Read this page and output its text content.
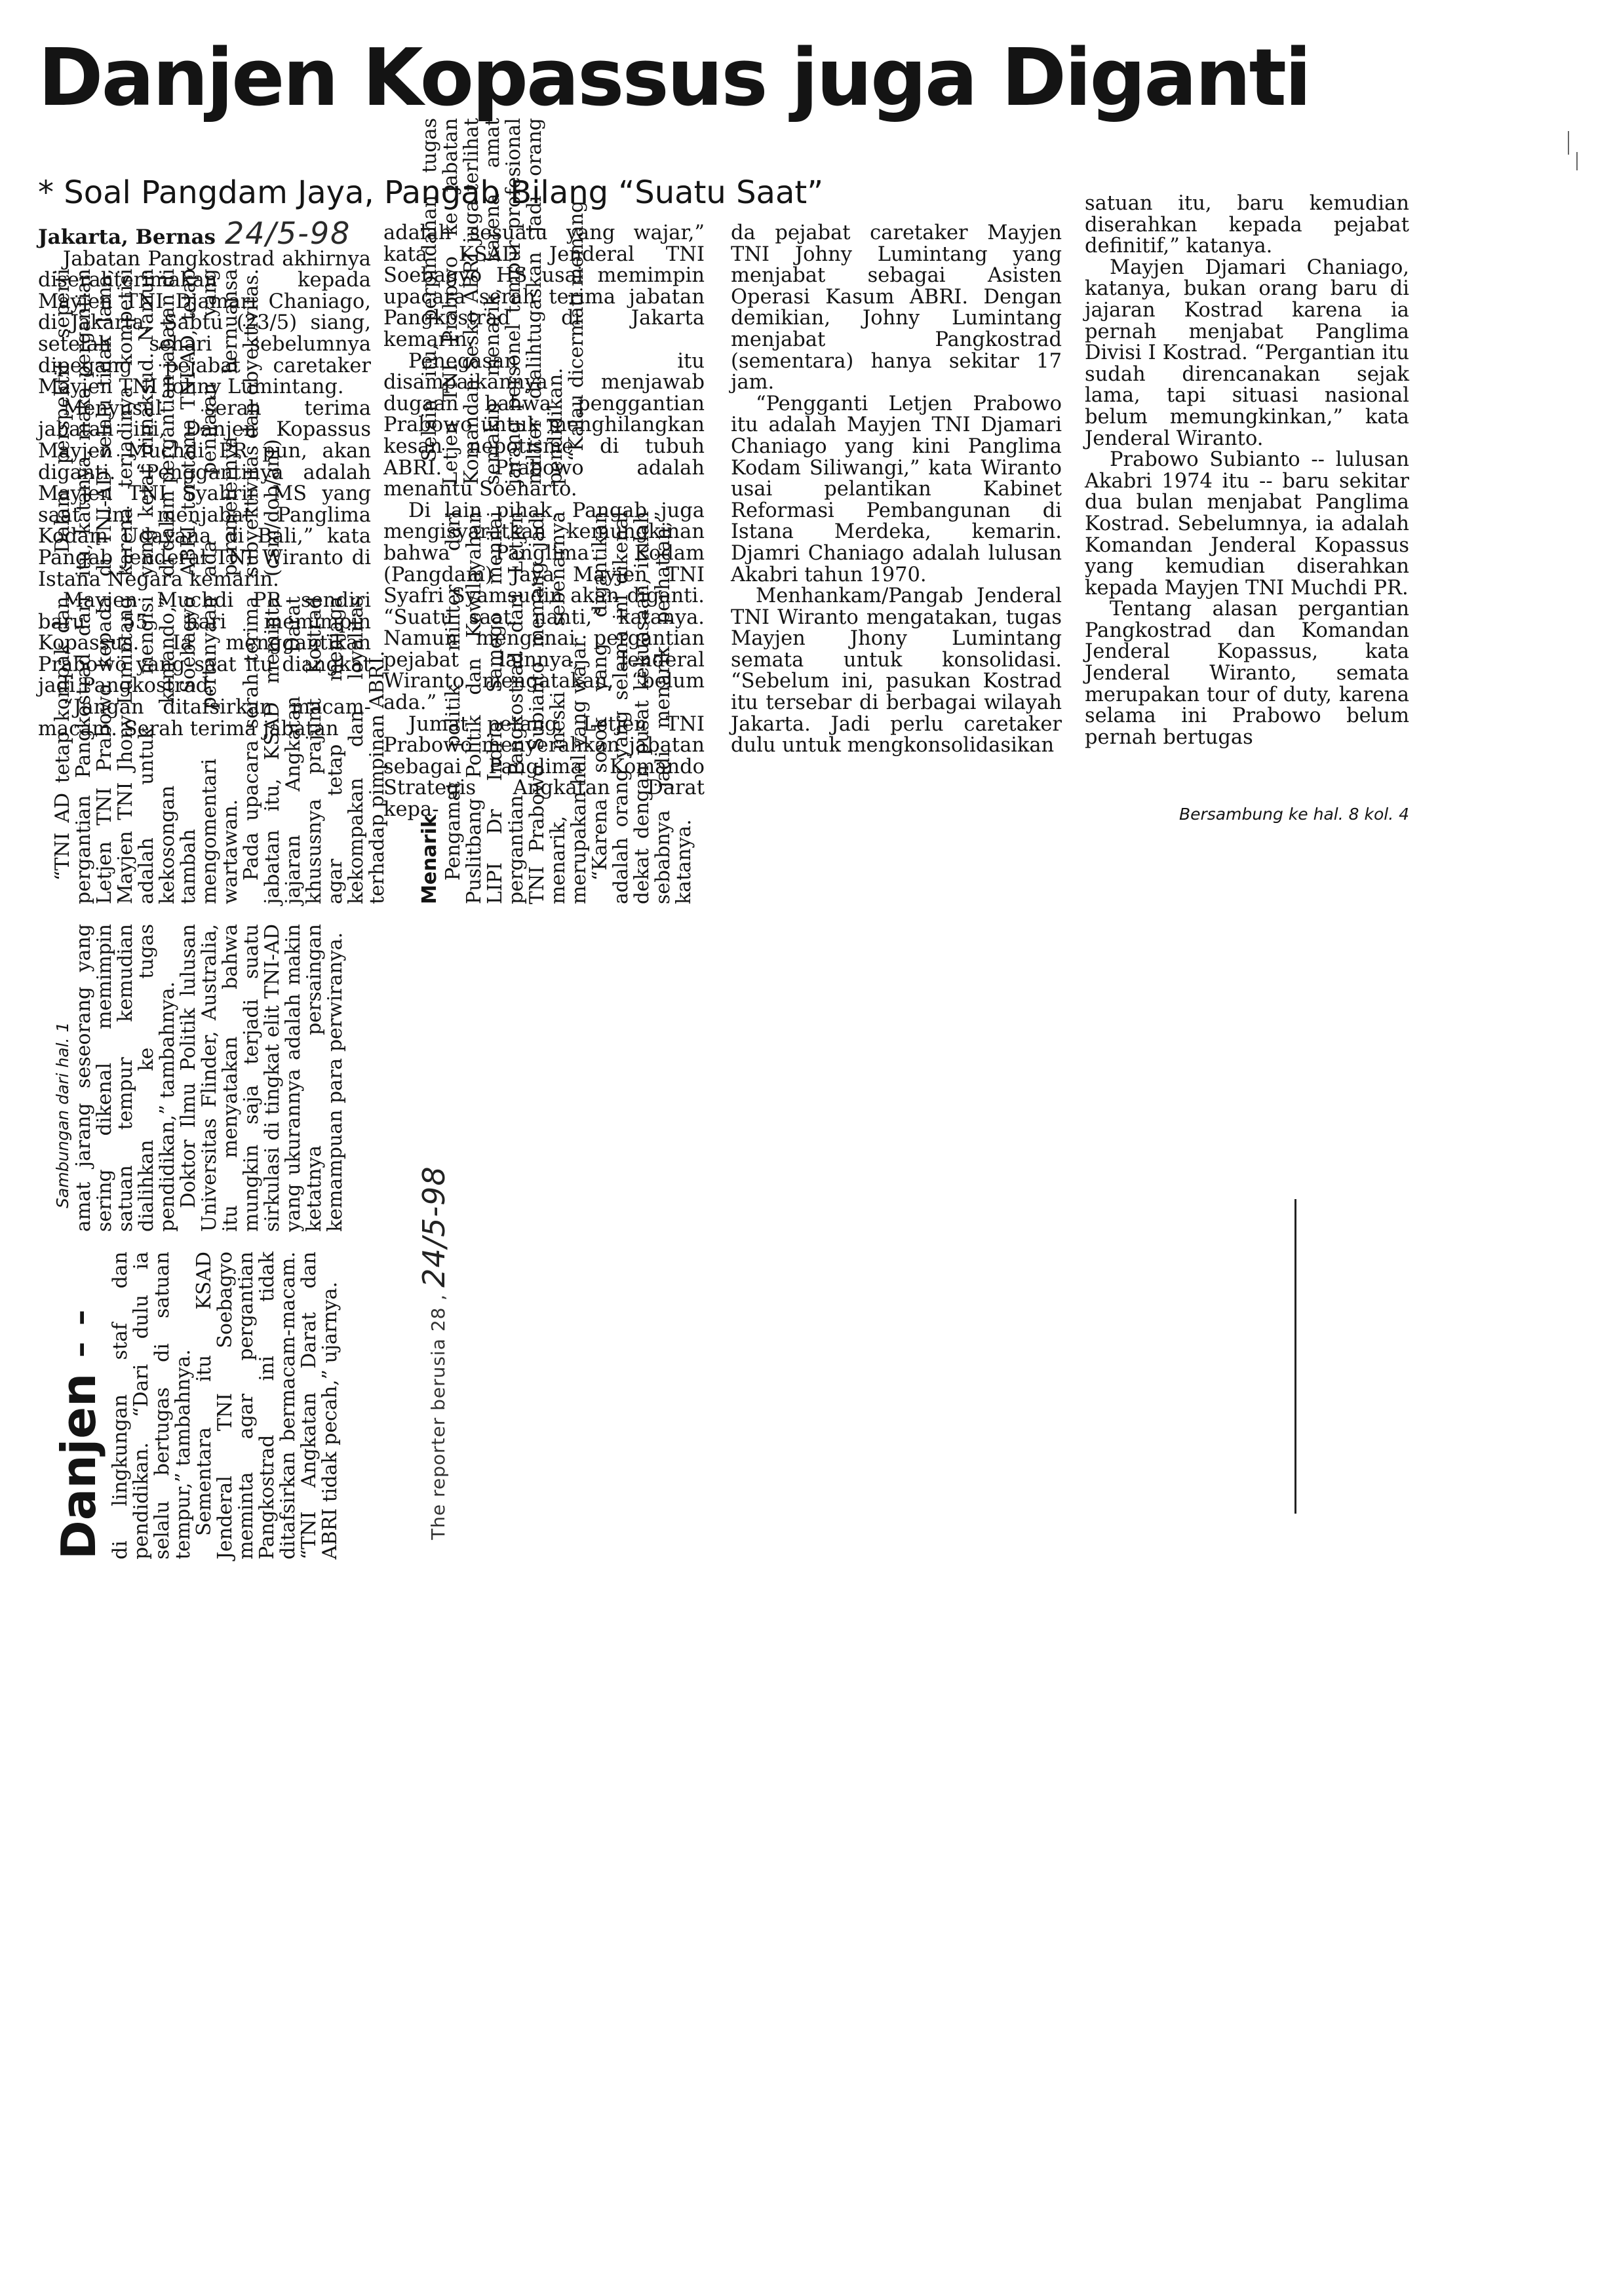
Danjen Kopassus juga Diganti
* Soal Pangdam Jaya, Pangab Bilang “Suatu Saat”

Jakarta, Bernas 24/5-98

Jabatan Pangkostrad akhirnya diserahterimakan kepada Mayjen TNI Djamari Chaniago, di Jakarta, Sabtu (23/5) siang, setelah sehari sebelumnya dipegang pejabat caretaker Mayjen TNI Johny Lumintang.

Menyusul serah terima jabatan ini, Danjen Kopassus Mayjen Muchdi PR pun, akan diganti. “Penggantinya adalah Mayjen TNI Syahrir MS yang saat ini menjabat Panglima Kodam Udayana di Bali,” kata Pangab Jenderal TNI Wiranto di Istana Negara kemarin.

Mayjen Muchdi PR sendiri baru 55 hari memimpin Kopassus. Ia menggantikan Prabowo yang saat itu diangkat jadi Pangkostrad.

“Jangan ditafsirkan macam-macam. Serah terima jabatan

adalah sesuatu yang wajar,” kata KSAD Jenderal TNI Soebagyo HS usai memimpin upacara serah terima jabatan Pangkostrad di Jakarta kemarin.

Penegasan itu disampaikannya menjawab dugaan bahwa penggantian Prabowo untuk menghilangkan kesan nepotisme di tubuh ABRI. Prabowo adalah menantu Soeharto.

Di lain pihak, Pangab juga mengisyaratkan kemungkinan bahwa Panglima Kodam (Pangdam) Jaya Mayjen TNI Syafri Syamsudin akan diganti. “Suatu saat, nanti,” katanya. Namun mengenai pergantian pejabat lainnya, Jenderal Wiranto mengatakan, “belum ada.”

Jumat petang, Letjen TNI Prabowo menyerahkan jabatan sebagai Panglima Komando Strategis Angkatan Darat kepa-

da pejabat caretaker Mayjen TNI Johny Lumintang yang menjabat sebagai Asisten Operasi Kasum ABRI. Dengan demikian, Johny Lumintang menjabat Pangkostrad (sementara) hanya sekitar 17 jam.

“Pengganti Letjen Prabowo itu adalah Mayjen TNI Djamari Chaniago yang kini Panglima Kodam Siliwangi,” kata Wiranto usai pelantikan Kabinet Reformasi Pembangunan di Istana Merdeka, kemarin. Djamri Chaniago adalah lulusan Akabri tahun 1970.

Menhankam/Pangab Jenderal TNI Wiranto mengatakan, tugas Mayjen Jhony Lumintang semata untuk konsolidasi. “Sebelum ini, pasukan Kostrad itu tersebar di berbagai wilayah Jakarta. Jadi perlu caretaker dulu untuk mengkonsolidasikan

satuan itu, baru kemudian diserahkan kepada pejabat definitif,” katanya.

Mayjen Djamari Chaniago, katanya, bukan orang baru di jajaran Kostrad karena ia pernah menjabat Panglima Divisi I Kostrad. “Pergantian itu sudah direncanakan sejak lama, tapi situasi nasional belum memungkinkan,” kata Jenderal Wiranto.

Prabowo Subianto -- lulusan Akabri 1974 itu -- baru sekitar dua bulan menjabat Panglima Kostrad. Sebelumnya, ia adalah Komandan Jenderal Kopassus yang kemudian diserahkan kepada Mayjen TNI Muchdi PR.

Tentang alasan pergantian Pangkostrad dan Komandan Jenderal Kopassus, kata Jenderal Wiranto, semata merupakan tour of duty, karena selama ini Prabowo belum pernah bertugas

Bersambung ke hal. 8 kol. 4
Danjen - - di lingkungan staf dan pendidikan. “Dari dulu ia selalu bertugas di satuan tempur,” tambahnya.

Sementara itu KSAD Jenderal TNI Soebagyo meminta agar pergantian Pangkostrad ini tidak ditafsirkan bermacam-macam. “TNI Angkatan Darat dan ABRI tidak pecah,” ujarnya.	The reporter berusia 28 , 24/5-98

Sambungan dari hal. 1 amat jarang seseorang yang sering dikenal memimpin satuan tempur kemudian dialihkan ke tugas pendidikan,” tambahnya.

Doktor Ilmu Politik lulusan Universitas Flinder, Australia, itu menyatakan bahwa mungkin saja terjadi suatu sirkulasi di tingkat elit TNI-AD yang ukurannya adalah makin ketatnya persaingan kemampuan para perwiranya.

“TNI AD tetap kompak dan pergantian Pangkostrad dari Letjen TNI Prabowo kepada Mayjen TNI Jhony Lumintang adalah untuk mengisi kekosongan komando,” tambah Soebagyo mengomentari pertanyaan wartawan.

Pada upacara serah terima jabatan itu, KSAD meminta jajaran Angkatan Darat khususnya prajurit Kostrad agar tetap menjaga kekompakan dan loyalitas terhadap pimpinan ABRI.

Dalam perspektif seperti itu, katanya, maka pergantian di TNI-AD selalu tidak lama, karena terjadinya kompetisi yang ketat dimaksud. Namun di dalam pergantian jabatan di ABRI, terutama TNI-AD, tetap ada penilaian yang parameternya bernuansa subyektivitas dan obyektivitas. (csm/dob/ant)

Menarik Pengamat politik militer dari Puslitbang Politik dan Kewilayahan LIPI Dr Indria Samego menilai pergantian Pangkostrad dari Letjen TNI Prabowo Subianto memang jadi menarik, meski sebenarnya merupakan hal yang wajar.

“Karena sosok yang digantikan adalah orang yang selama ini dikenal dekat dengan pusat kekuasaan, itulah sebabnya jadi menarik perhatian,” katanya.

Selain itu, perpindahan tugas Letjen TNI Prabowo ke jabatan Komandan Sesko ABRI juga terlihat semakin menarik, karena amat jarang personel tempur profesional militer dialihtugaskan jadi orang pendidikan.

“Kalau dicermati memang
